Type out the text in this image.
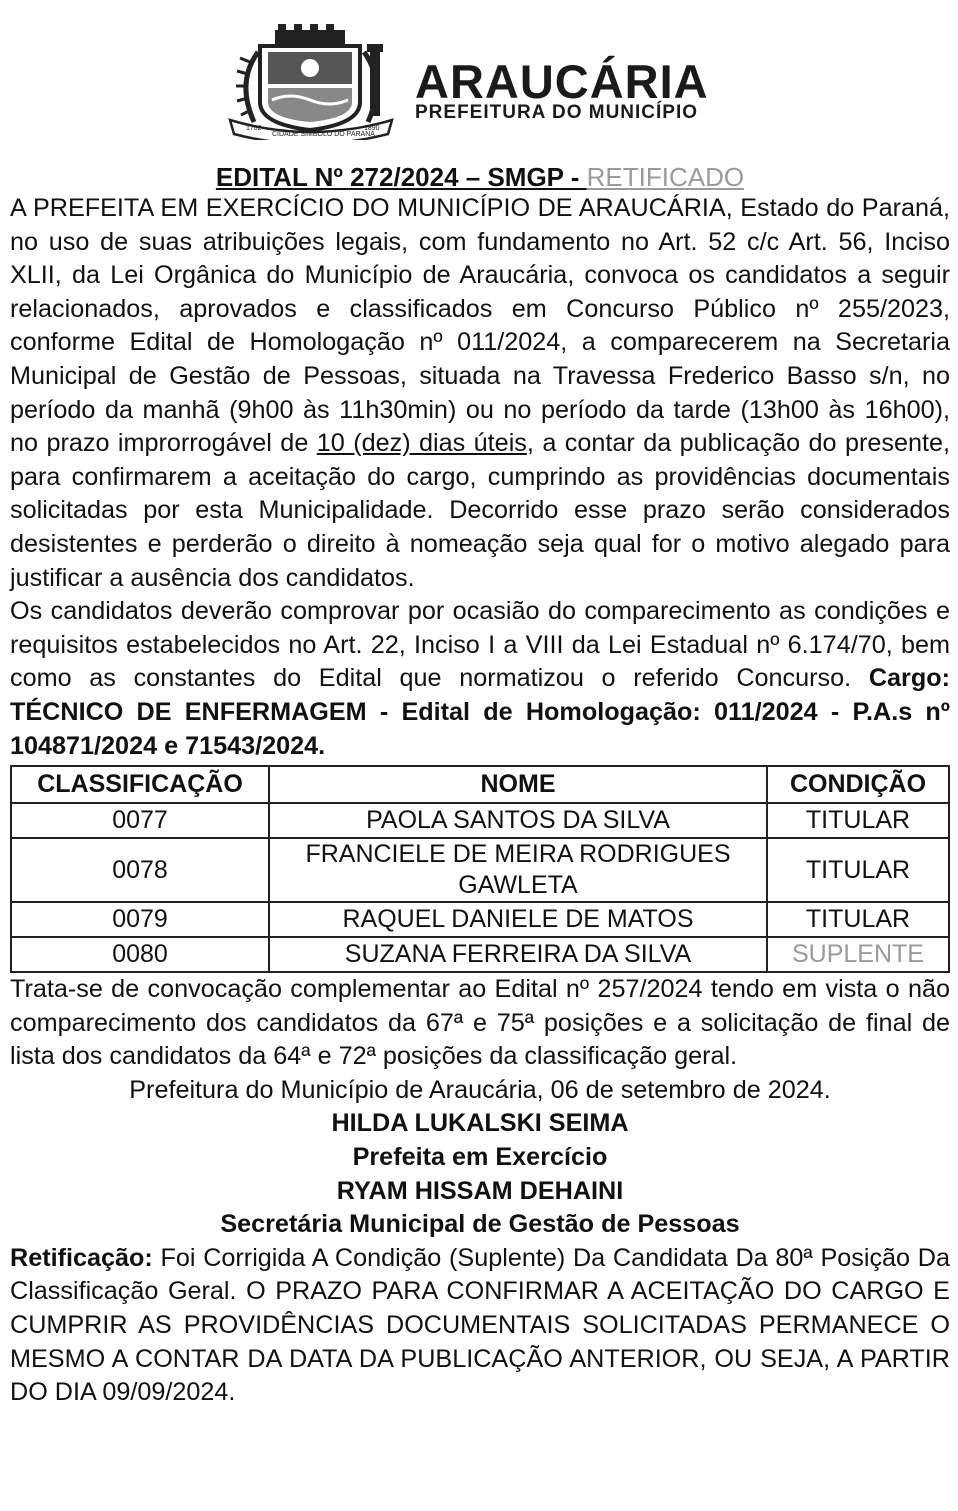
1702
CIDADE SÍMBOLO DO PARANÁ
1890
ARAUCÁRIA
PREFEITURA DO MUNICÍPIO
EDITAL Nº 272/2024 – SMGP - RETIFICADO

A PREFEITA EM EXERCÍCIO DO MUNICÍPIO DE ARAUCÁRIA, Estado do Paraná, no uso de suas atribuições legais, com fundamento no Art. 52 c/c Art. 56, Inciso XLII, da Lei Orgânica do Município de Araucária, convoca os candidatos a seguir relacionados, aprovados e classificados em Concurso Público nº 255/2023, conforme Edital de Homologação nº 011/2024, a comparecerem na Secretaria Municipal de Gestão de Pessoas, situada na Travessa Frederico Basso s/n, no período da manhã (9h00 às 11h30min) ou no período da tarde (13h00 às 16h00), no prazo improrrogável de 10 (dez) dias úteis, a contar da publicação do presente, para confirmarem a aceitação do cargo, cumprindo as providências documentais solicitadas por esta Municipalidade. Decorrido esse prazo serão considerados desistentes e perderão o direito à nomeação seja qual for o motivo alegado para justificar a ausência dos candidatos.

Os candidatos deverão comprovar por ocasião do comparecimento as condições e requisitos estabelecidos no Art. 22, Inciso I a VIII da Lei Estadual nº 6.174/70, bem como as constantes do Edital que normatizou o referido Concurso. Cargo: TÉCNICO DE ENFERMAGEM - Edital de Homologação: 011/2024 - P.A.s nº 104871/2024 e 71543/2024.

CLASSIFICAÇÃO	NOME	CONDIÇÃO
0077	PAOLA SANTOS DA SILVA	TITULAR
0078	FRANCIELE DE MEIRA RODRIGUES GAWLETA	TITULAR
0079	RAQUEL DANIELE DE MATOS	TITULAR
0080	SUZANA FERREIRA DA SILVA	SUPLENTE

Trata-se de convocação complementar ao Edital nº 257/2024 tendo em vista o não comparecimento dos candidatos da 67ª e 75ª posições e a solicitação de final de lista dos candidatos da 64ª e 72ª posições da classificação geral.

Prefeitura do Município de Araucária, 06 de setembro de 2024.

HILDA LUKALSKI SEIMA
Prefeita em Exercício
RYAM HISSAM DEHAINI
Secretária Municipal de Gestão de Pessoas

Retificação: Foi Corrigida A Condição (Suplente) Da Candidata Da 80ª Posição Da Classificação Geral. O PRAZO PARA CONFIRMAR A ACEITAÇÃO DO CARGO E CUMPRIR AS PROVIDÊNCIAS DOCUMENTAIS SOLICITADAS PERMANECE O MESMO A CONTAR DA DATA DA PUBLICAÇÃO ANTERIOR, OU SEJA, A PARTIR DO DIA 09/09/2024.
